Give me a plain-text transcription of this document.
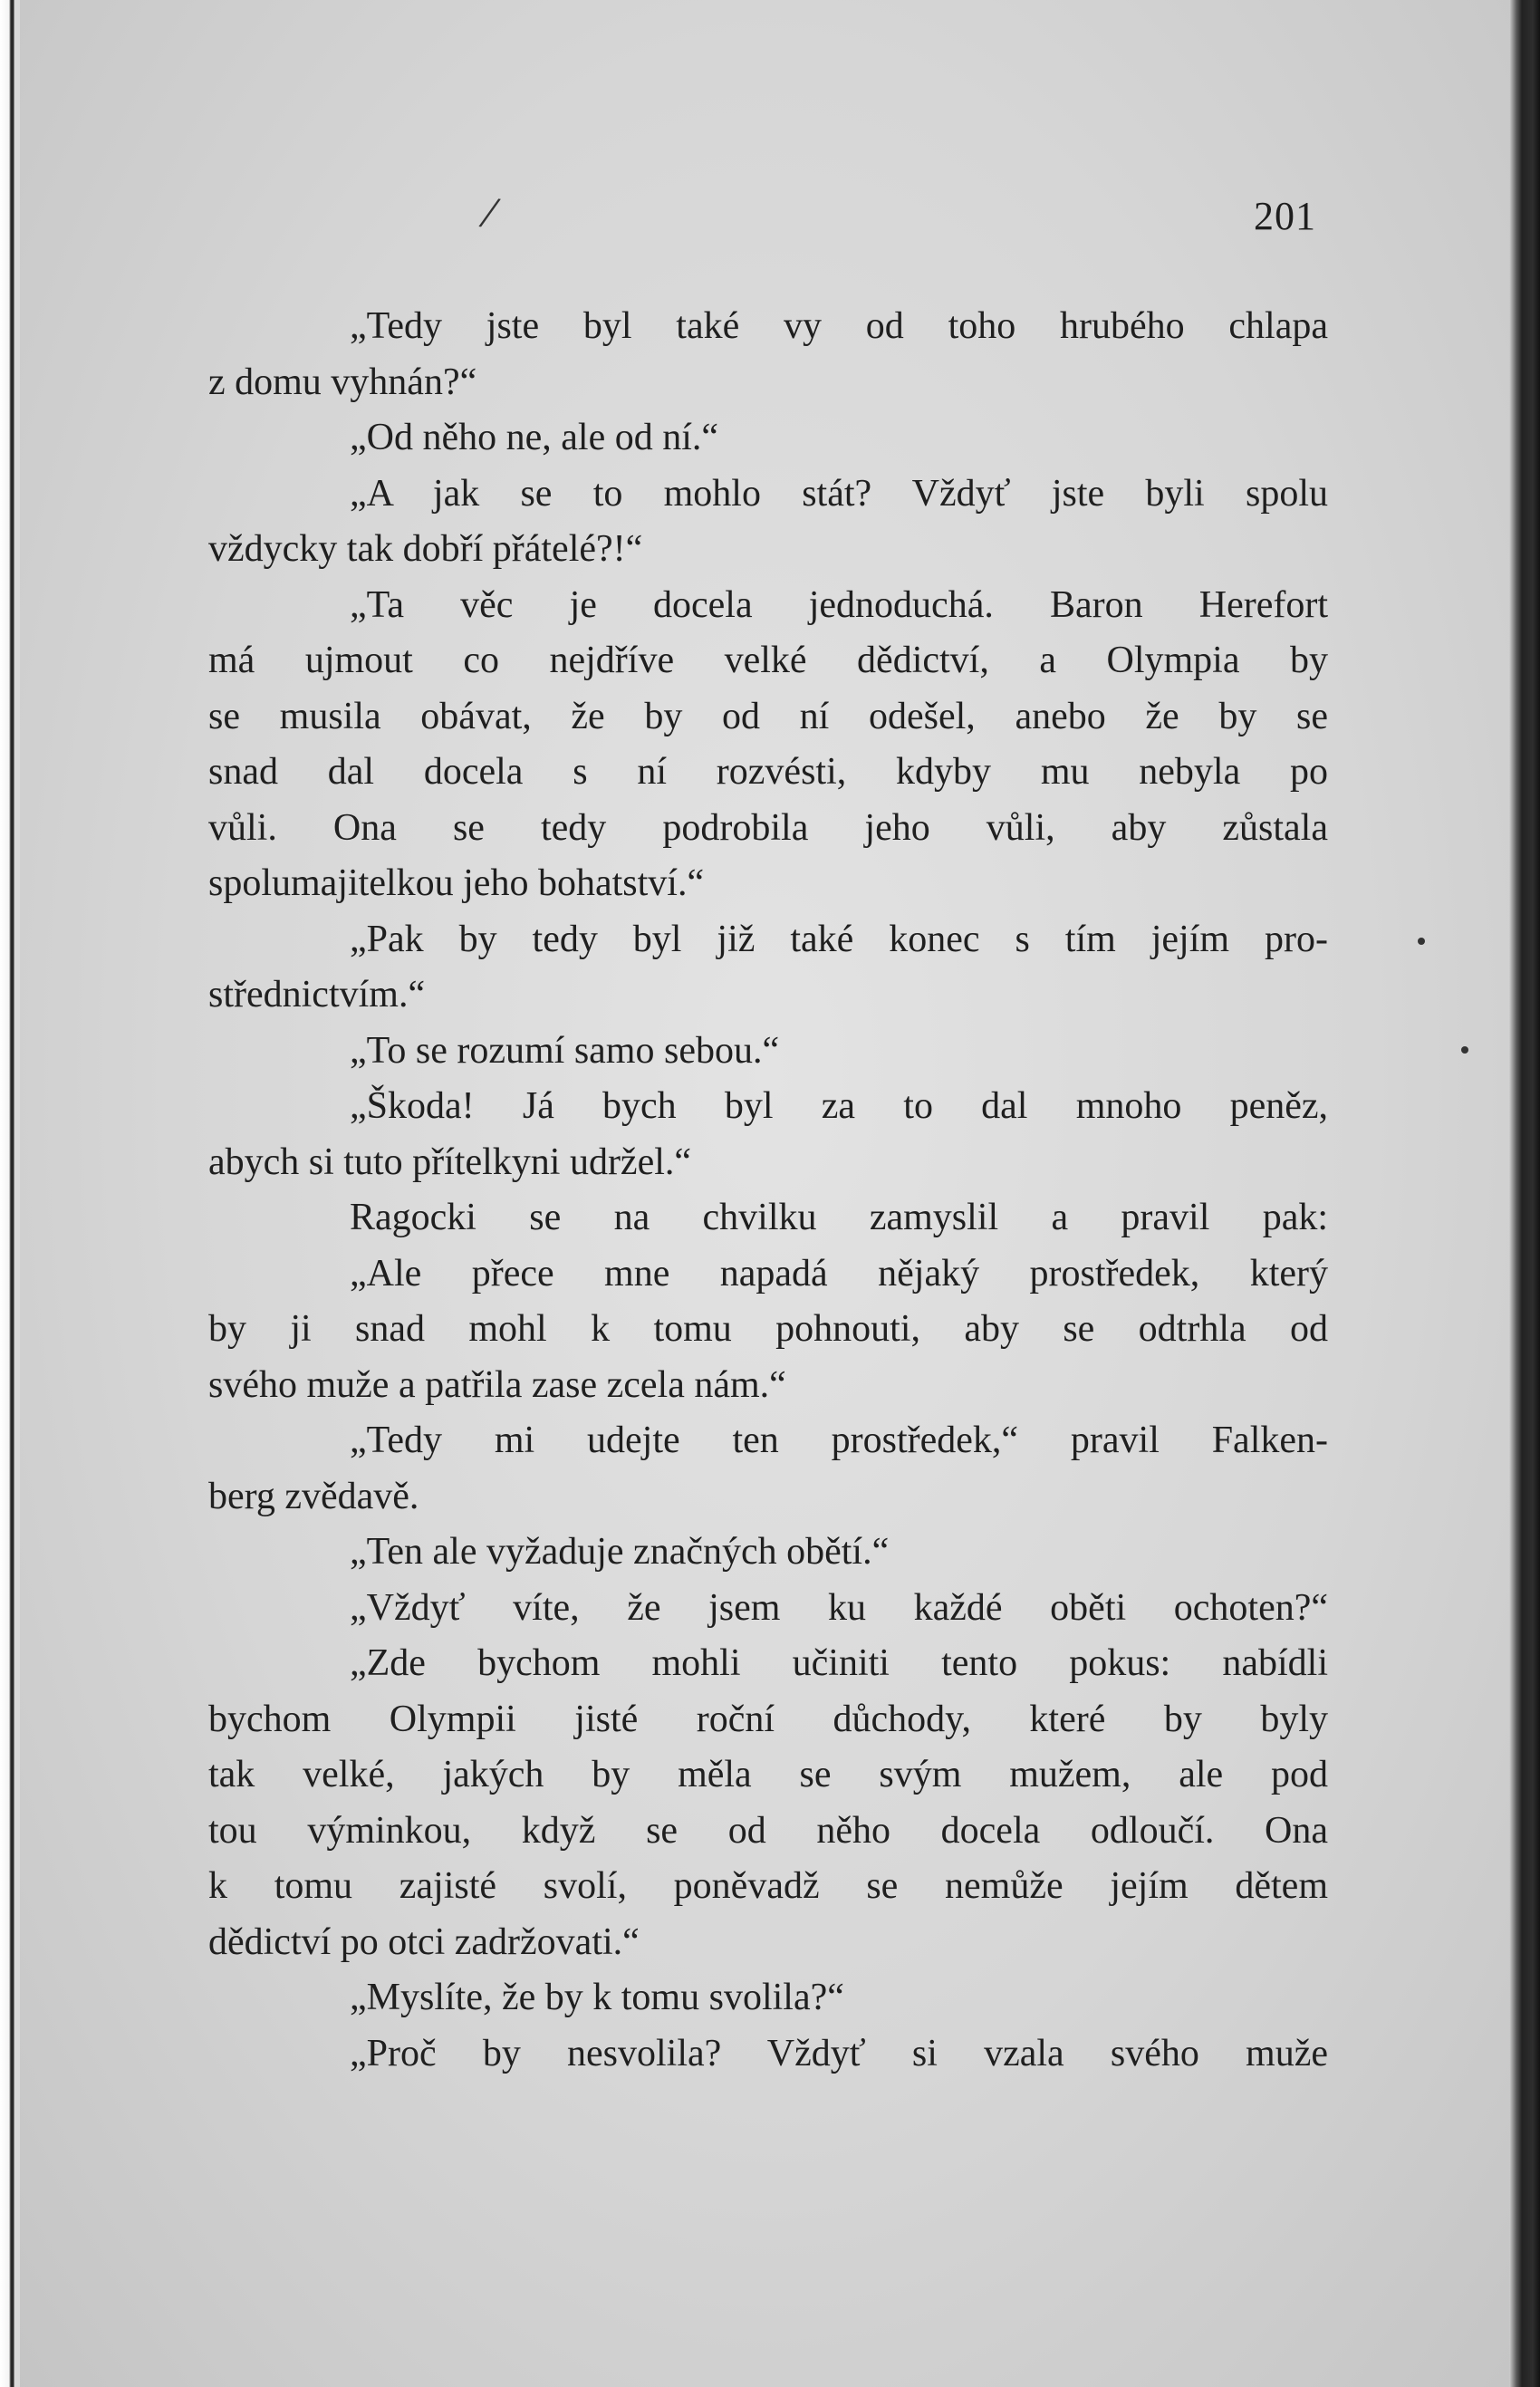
/	201
„Tedy jste byl také vy od toho hrubého chlapa
z domu vyhnán?“
„Od něho ne, ale od ní.“
„A jak se to mohlo stát? Vždyť jste byli spolu
vždycky tak dobří přátelé?!“
„Ta věc je docela jednoduchá. Baron Herefort
má ujmout co nejdříve velké dědictví, a Olympia by
se musila obávat, že by od ní odešel, anebo že by se
snad dal docela s ní rozvésti, kdyby mu nebyla po
vůli. Ona se tedy podrobila jeho vůli, aby zůstala
spolumajitelkou jeho bohatství.“
„Pak by tedy byl již také konec s tím jejím pro-
střednictvím.“
„To se rozumí samo sebou.“
„Škoda! Já bych byl za to dal mnoho peněz,
abych si tuto přítelkyni udržel.“
Ragocki se na chvilku zamyslil a pravil pak:
„Ale přece mne napadá nějaký prostředek, který
by ji snad mohl k tomu pohnouti, aby se odtrhla od
svého muže a patřila zase zcela nám.“
„Tedy mi udejte ten prostředek,“ pravil Falken-
berg zvědavě.
„Ten ale vyžaduje značných obětí.“
„Vždyť víte, že jsem ku každé oběti ochoten?“
„Zde bychom mohli učiniti tento pokus: nabídli
bychom Olympii jisté roční důchody, které by byly
tak velké, jakých by měla se svým mužem, ale pod
tou výminkou, když se od něho docela odloučí. Ona
k tomu zajisté svolí, poněvadž se nemůže jejím dětem
dědictví po otci zadržovati.“
„Myslíte, že by k tomu svolila?“
„Proč by nesvolila? Vždyť si vzala svého muže
